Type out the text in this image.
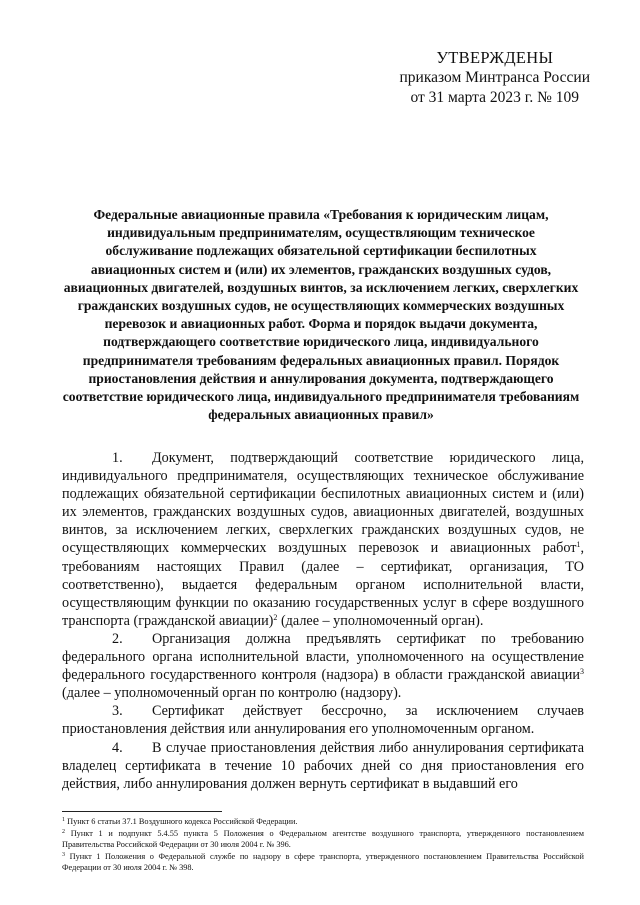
УТВЕРЖДЕНЫ
приказом Минтранса России
от 31 марта 2023 г. № 109
Федеральные авиационные правила «Требования к юридическим лицам, индивидуальным предпринимателям, осуществляющим техническое обслуживание подлежащих обязательной сертификации беспилотных авиационных систем и (или) их элементов, гражданских воздушных судов, авиационных двигателей, воздушных винтов, за исключением легких, сверхлегких гражданских воздушных судов, не осуществляющих коммерческих воздушных перевозок и авиационных работ. Форма и порядок выдачи документа, подтверждающего соответствие юридического лица, индивидуального предпринимателя требованиям федеральных авиационных правил. Порядок приостановления действия и аннулирования документа, подтверждающего соответствие юридического лица, индивидуального предпринимателя требованиям федеральных авиационных правил»

1. Документ, подтверждающий соответствие юридического лица, индивидуального предпринимателя, осуществляющих техническое обслуживание подлежащих обязательной сертификации беспилотных авиационных систем и (или) их элементов, гражданских воздушных судов, авиационных двигателей, воздушных винтов, за исключением легких, сверхлегких гражданских воздушных судов, не осуществляющих коммерческих воздушных перевозок и авиационных работ$^1$, требованиям настоящих Правил (далее – сертификат, организация, ТО соответственно), выдается федеральным органом исполнительной власти, осуществляющим функции по оказанию государственных услуг в сфере воздушного транспорта (гражданской авиации)$^2$ (далее – уполномоченный орган).

2. Организация должна предъявлять сертификат по требованию федерального органа исполнительной власти, уполномоченного на осуществление федерального государственного контроля (надзора) в области гражданской авиации$^3$ (далее – уполномоченный орган по контролю (надзору).

3. Сертификат действует бессрочно, за исключением случаев приостановления действия или аннулирования его уполномоченным органом.

4. В случае приостановления действия либо аннулирования сертификата владелец сертификата в течение 10 рабочих дней со дня приостановления его действия, либо аннулирования должен вернуть сертификат в выдавший его

$^1$ Пункт 6 статьи 37.1 Воздушного кодекса Российской Федерации.

$^2$ Пункт 1 и подпункт 5.4.55 пункта 5 Положения о Федеральном агентстве воздушного транспорта, утвержденного постановлением Правительства Российской Федерации от 30 июля 2004 г. № 396.

$^3$ Пункт 1 Положения о Федеральной службе по надзору в сфере транспорта, утвержденного постановлением Правительства Российской Федерации от 30 июля 2004 г. № 398.
